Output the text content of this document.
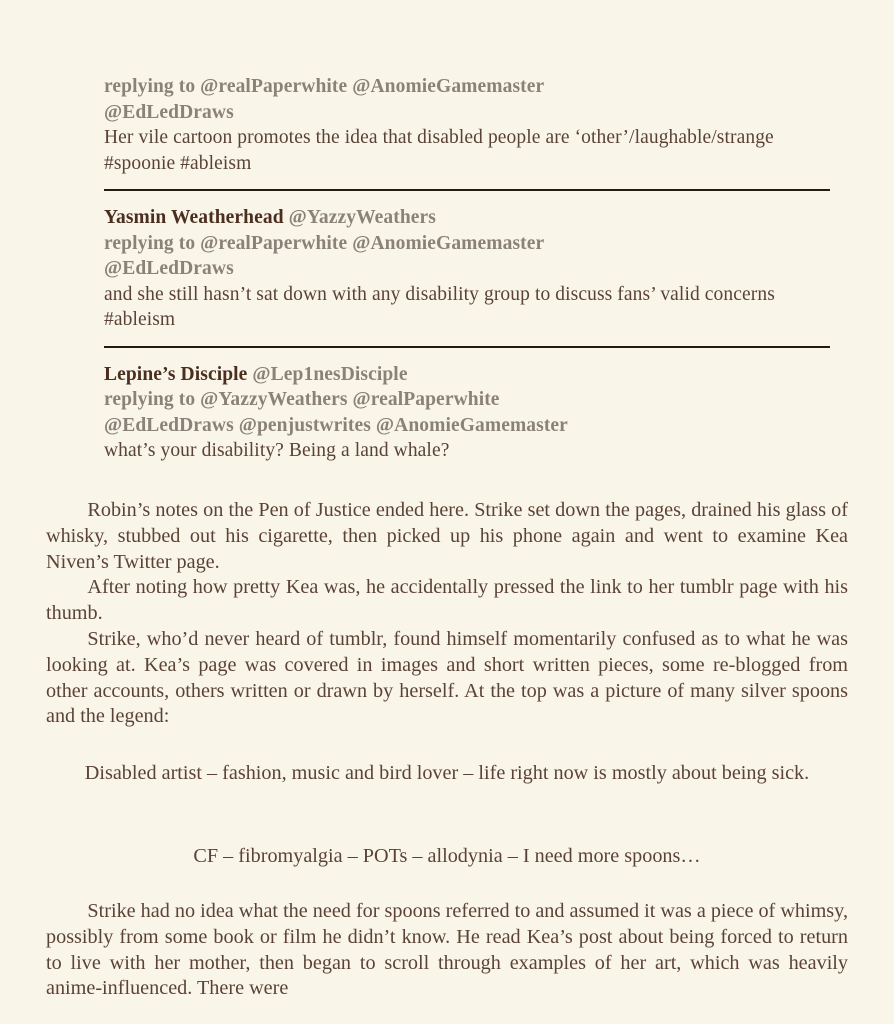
replying to @realPaperwhite @AnomieGamemaster
@EdLedDraws
Her vile cartoon promotes the idea that disabled people are ‘other’/laughable/strange #spoonie #ableism
Yasmin Weatherhead @YazzyWeathers
replying to @realPaperwhite @AnomieGamemaster
@EdLedDraws
and she still hasn’t sat down with any disability group to discuss fans’ valid concerns #ableism
Lepine’s Disciple @Lep1nesDisciple
replying to @YazzyWeathers @realPaperwhite
@EdLedDraws @penjustwrites @AnomieGamemaster
what’s your disability? Being a land whale?

Robin’s notes on the Pen of Justice ended here. Strike set down the pages, drained his glass of whisky, stubbed out his cigarette, then picked up his phone again and went to examine Kea Niven’s Twitter page.

After noting how pretty Kea was, he accidentally pressed the link to her tumblr page with his thumb.

Strike, who’d never heard of tumblr, found himself momentarily confused as to what he was looking at. Kea’s page was covered in images and short written pieces, some re-blogged from other accounts, others written or drawn by herself. At the top was a picture of many silver spoons and the legend:

Disabled artist – fashion, music and bird lover – life right now is mostly about being sick.
CF – fibromyalgia – POTs – allodynia – I need more spoons…

Strike had no idea what the need for spoons referred to and assumed it was a piece of whimsy, possibly from some book or film he didn’t know. He read Kea’s post about being forced to return to live with her mother, then began to scroll through examples of her art, which was heavily anime-influenced. There were
